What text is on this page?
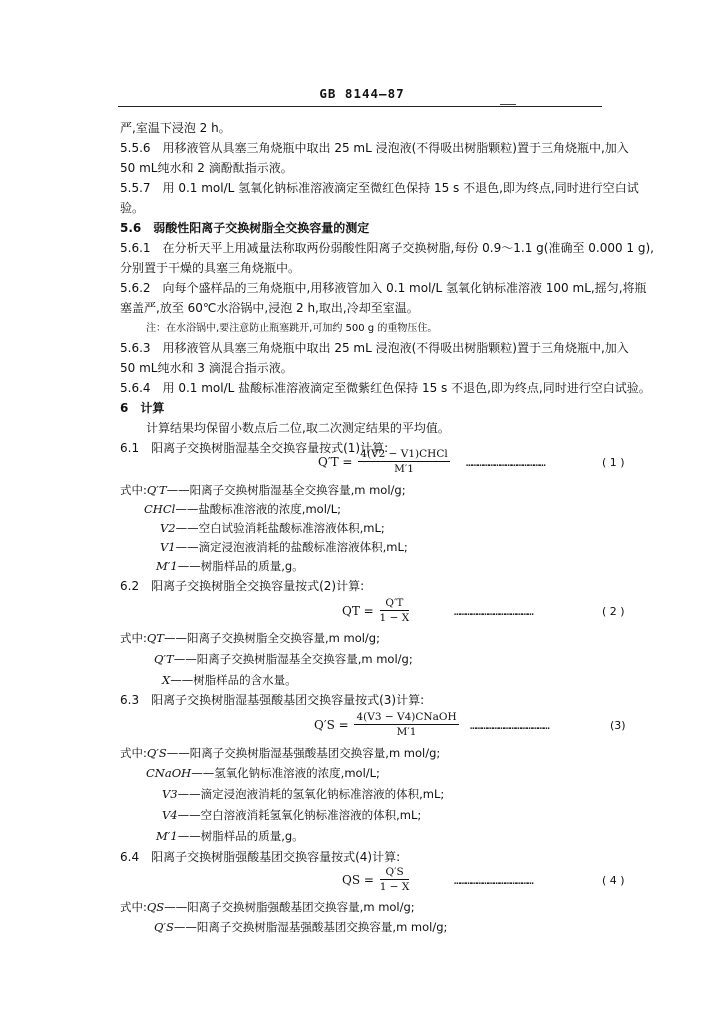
GB 8144—87
严,室温下浸泡 2 h。
5.5.6　用移液管从具塞三角烧瓶中取出 25 mL 浸泡液(不得吸出树脂颗粒)置于三角烧瓶中,加入
50 mL纯水和 2 滴酚酞指示液。
5.5.7　用 0.1 mol/L 氢氧化钠标准溶液滴定至微红色保持 15 s 不退色,即为终点,同时进行空白试
验。
5.6　弱酸性阳离子交换树脂全交换容量的测定
5.6.1　在分析天平上用减量法称取两份弱酸性阳离子交换树脂,每份 0.9～1.1 g(准确至 0.000 1 g),
分别置于干燥的具塞三角烧瓶中。
5.6.2　向每个盛样品的三角烧瓶中,用移液管加入 0.1 mol/L 氢氧化钠标准溶液 100 mL,摇匀,将瓶
塞盖严,放至 60℃水浴锅中,浸泡 2 h,取出,冷却至室温。
注：在水浴锅中,要注意防止瓶塞跳开,可加约 500 g 的重物压住。
5.6.3　用移液管从具塞三角烧瓶中取出 25 mL 浸泡液(不得吸出树脂颗粒)置于三角烧瓶中,加入
50 mL纯水和 3 滴混合指示液。
5.6.4　用 0.1 mol/L 盐酸标准溶液滴定至微紫红色保持 15 s 不退色,即为终点,同时进行空白试验。
6　计算
计算结果均保留小数点后二位,取二次测定结果的平均值。
6.1　阳离子交换树脂湿基全交换容量按式(1)计算:
$Q'T = \frac{\text{4(V2 − V1)CHCl}}{M'1}$ ……………………………………	( 1 )
式中:Q′T——阳离子交换树脂湿基全交换容量,m mol/g;
CHCl——盐酸标准溶液的浓度,mol/L;
V2——空白试验消耗盐酸标准溶液体积,mL;
V1——滴定浸泡液消耗的盐酸标准溶液体积,mL;
M′1——树脂样品的质量,g。
6.2　阳离子交换树脂全交换容量按式(2)计算:
QT = $\frac{Q'T}{1 - X}$	……………………………………	( 2 )
式中:QT——阳离子交换树脂全交换容量,m mol/g;
Q′T——阳离子交换树脂湿基全交换容量,m mol/g;
X——树脂样品的含水量。
6.3　阳离子交换树脂湿基强酸基团交换容量按式(3)计算:
$Q'S = \frac{\text{4(V3 − V4)CNaOH}}{M'1}$ ……………………………………	(3)
式中:Q′S——阳离子交换树脂湿基强酸基团交换容量,m mol/g;
CNaOH——氢氧化钠标准溶液的浓度,mol/L;
V3——滴定浸泡液消耗的氢氧化钠标准溶液的体积,mL;
V4——空白溶液消耗氢氧化钠标准溶液的体积,mL;
M′1——树脂样品的质量,g。
6.4　阳离子交换树脂强酸基团交换容量按式(4)计算:
QS = $\frac{Q'S}{1 - X}$	……………………………………	( 4 )
式中:QS——阳离子交换树脂强酸基团交换容量,m mol/g;
Q′S——阳离子交换树脂湿基强酸基团交换容量,m mol/g;
